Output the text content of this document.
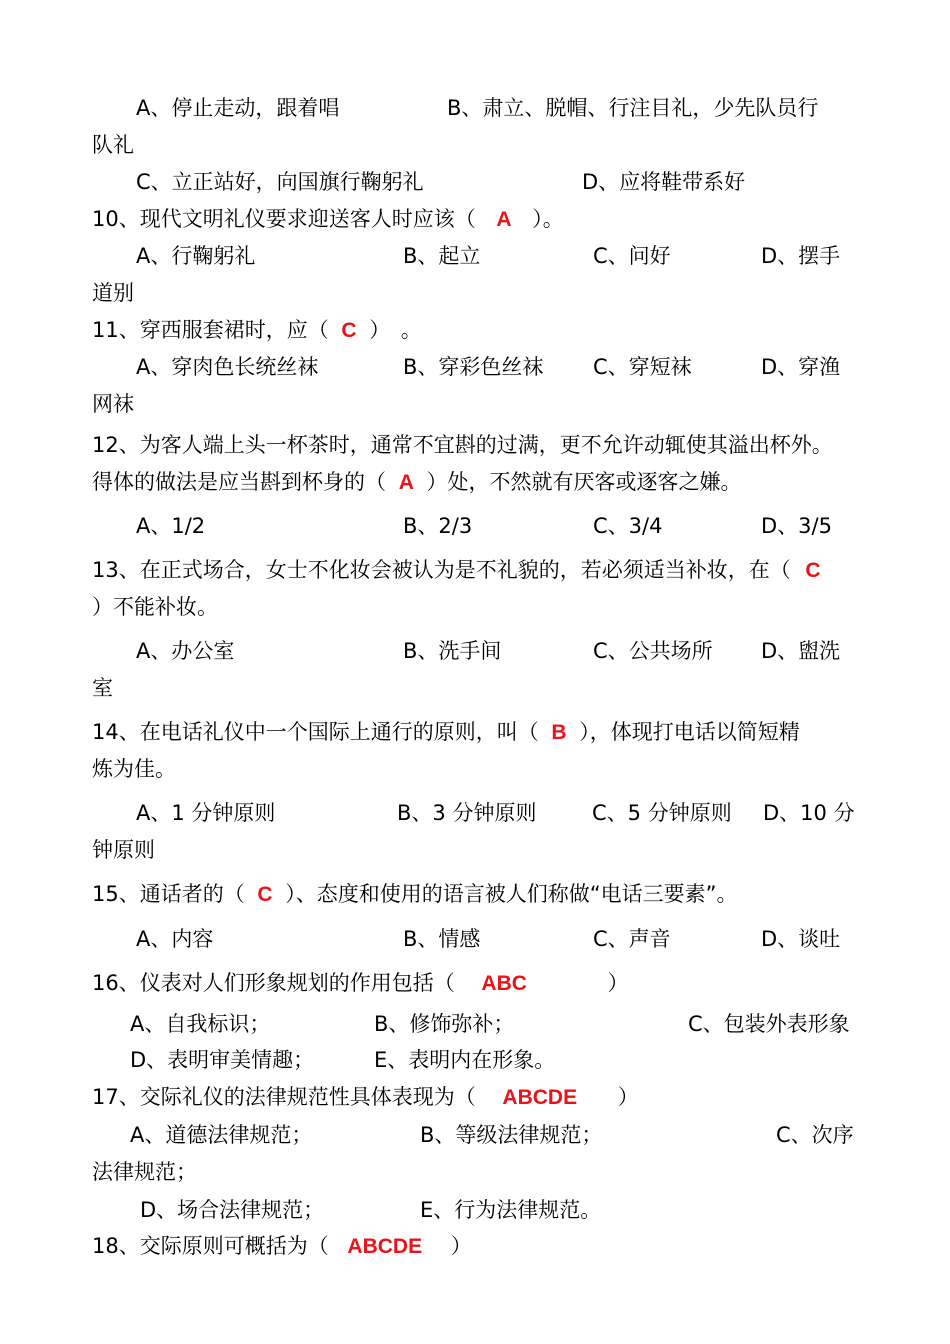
A、停止走动，跟着唱	B、肃立、脱帽、行注目礼，少先队员行
队礼
C、立正站好，向国旗行鞠躬礼	D、应将鞋带系好
10、现代文明礼仪要求迎送客人时应该（ A ）。
A、行鞠躬礼	B、起立	C、问好	D、摆手
道别
11、穿西服套裙时，应（ C ）　。
A、穿肉色长统丝袜	B、穿彩色丝袜 C、穿短袜	D、穿渔
网袜
12、为客人端上头一杯茶时，通常不宜斟的过满，更不允许动辄使其溢出杯外。
得体的做法是应当斟到杯身的（ A ）处，不然就有厌客或逐客之嫌。
A、1/2	B、2/3	C、3/4	D、3/5
13、在正式场合，女士不化妆会被认为是不礼貌的，若必须适当补妆，在（ C
）不能补妆。
A、办公室	B、洗手间	C、公共场所 D、盥洗
室
14、在电话礼仪中一个国际上通行的原则，叫（ B ），体现打电话以简短精
炼为佳。
A、1 分钟原则	B、3 分钟原则	C、5 分钟原则 D、10 分
钟原则
15、通话者的（ C ）、态度和使用的语言被人们称做“电话三要素”。
A、内容	B、情感	C、声音	D、谈吐
16、仪表对人们形象规划的作用包括（ ABC	）
A、自我标识；	B、修饰弥补；	C、包装外表形象
D、表明审美情趣；	E、表明内在形象。
17、交际礼仪的法律规范性具体表现为（ ABCDE ）
A、道德法律规范；	B、等级法律规范；	C、次序
法律规范；
D、场合法律规范；	E、行为法律规范。
18、交际原则可概括为（ ABCDE ）
